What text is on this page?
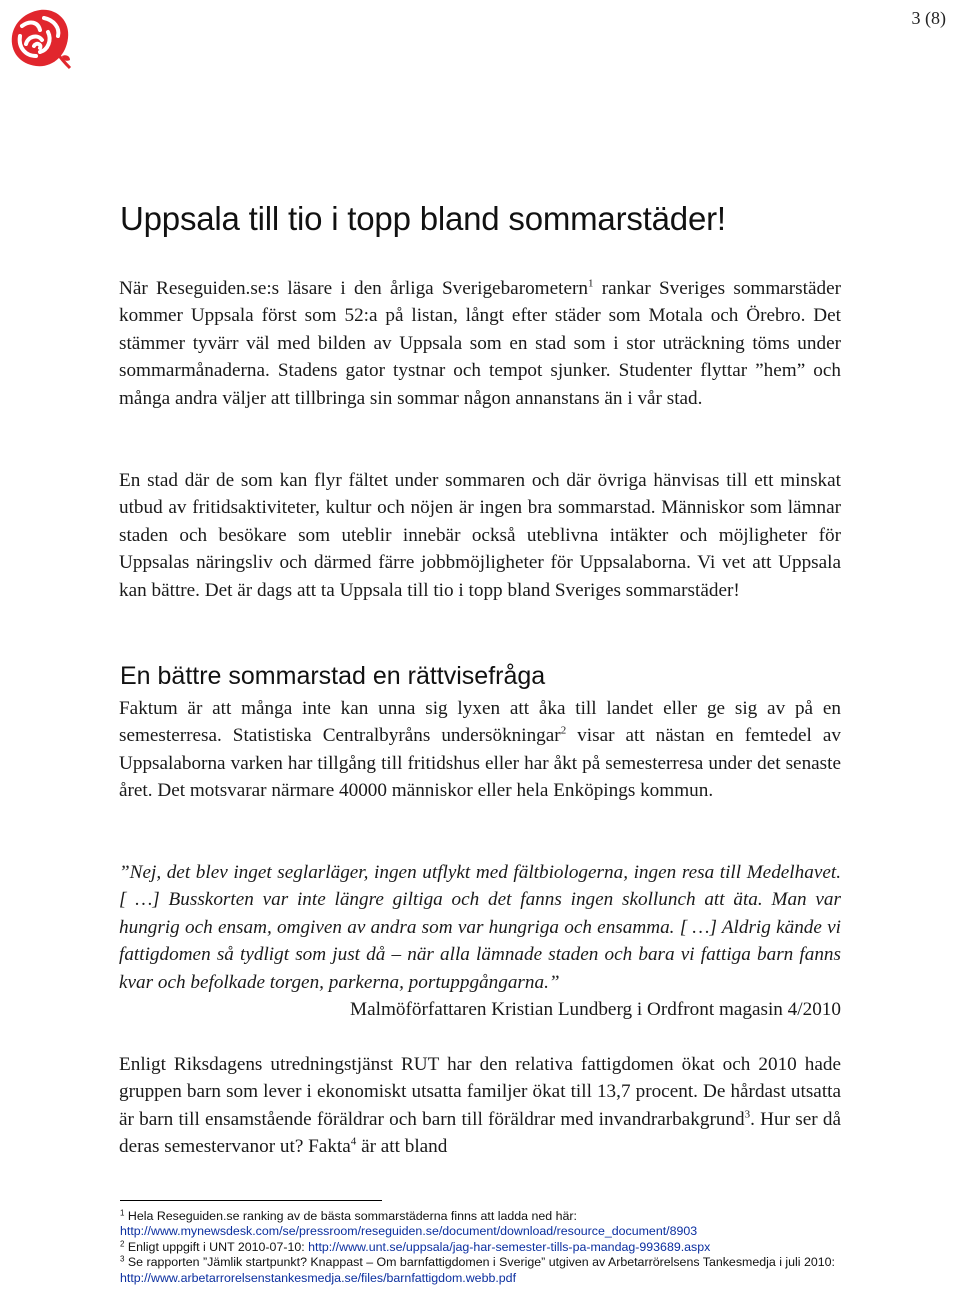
3 (8)
Uppsala till tio i topp bland sommarstäder!

När Reseguiden.se:s läsare i den årliga Sverigebarometern$^1$ rankar Sveriges sommarstäder kommer Uppsala först som 52:a på listan, långt efter städer som Motala och Örebro. Det stämmer tyvärr väl med bilden av Uppsala som en stad som i stor uträckning töms under sommarmånaderna. Stadens gator tystnar och tempot sjunker. Studenter flyttar ”hem” och många andra väljer att tillbringa sin sommar någon annanstans än i vår stad.

En stad där de som kan flyr fältet under sommaren och där övriga hänvisas till ett minskat utbud av fritidsaktiviteter, kultur och nöjen är ingen bra sommarstad. Människor som lämnar staden och besökare som uteblir innebär också uteblivna intäkter och möjligheter för Uppsalas näringsliv och därmed färre jobbmöjligheter för Uppsalaborna. Vi vet att Uppsala kan bättre. Det är dags att ta Uppsala till tio i topp bland Sveriges sommarstäder!

En bättre sommarstad en rättvisefråga

Faktum är att många inte kan unna sig lyxen att åka till landet eller ge sig av på en semesterresa. Statistiska Centralbyråns undersökningar$^2$ visar att nästan en femtedel av Uppsalaborna varken har tillgång till fritidshus eller har åkt på semesterresa under det senaste året. Det motsvarar närmare 40000 människor eller hela Enköpings kommun.

”Nej, det blev inget seglarläger, ingen utflykt med fältbiologerna, ingen resa till Medelhavet. [ …] Busskorten var inte längre giltiga och det fanns ingen skollunch att äta. Man var hungrig och ensam, omgiven av andra som var hungriga och ensamma. [ …] Aldrig kände vi fattigdomen så tydligt som just då – när alla lämnade staden och bara vi fattiga barn fanns kvar och befolkade torgen, parkerna, portuppgångarna.”

Malmöförfattaren Kristian Lundberg i Ordfront magasin 4/2010

Enligt Riksdagens utredningstjänst RUT har den relativa fattigdomen ökat och 2010 hade gruppen barn som lever i ekonomiskt utsatta familjer ökat till 13,7 procent. De hårdast utsatta är barn till ensamstående föräldrar och barn till föräldrar med invandrarbakgrund$^3$. Hur ser då deras semestervanor ut? Fakta$^4$ är att bland

$^1$ Hela Reseguiden.se ranking av de bästa sommarstäderna finns att ladda ned här:
http://www.mynewsdesk.com/se/pressroom/reseguiden.se/document/download/resource_document/8903

$^2$ Enligt uppgift i UNT 2010-07-10: http://www.unt.se/uppsala/jag-har-semester-tills-pa-mandag-993689.aspx

$^3$ Se rapporten ”Jämlik startpunkt? Knappast – Om barnfattigdomen i Sverige” utgiven av Arbetarrörelsens Tankesmedja i juli 2010: http://www.arbetarrorelsenstankesmedja.se/files/barnfattigdom.webb.pdf
